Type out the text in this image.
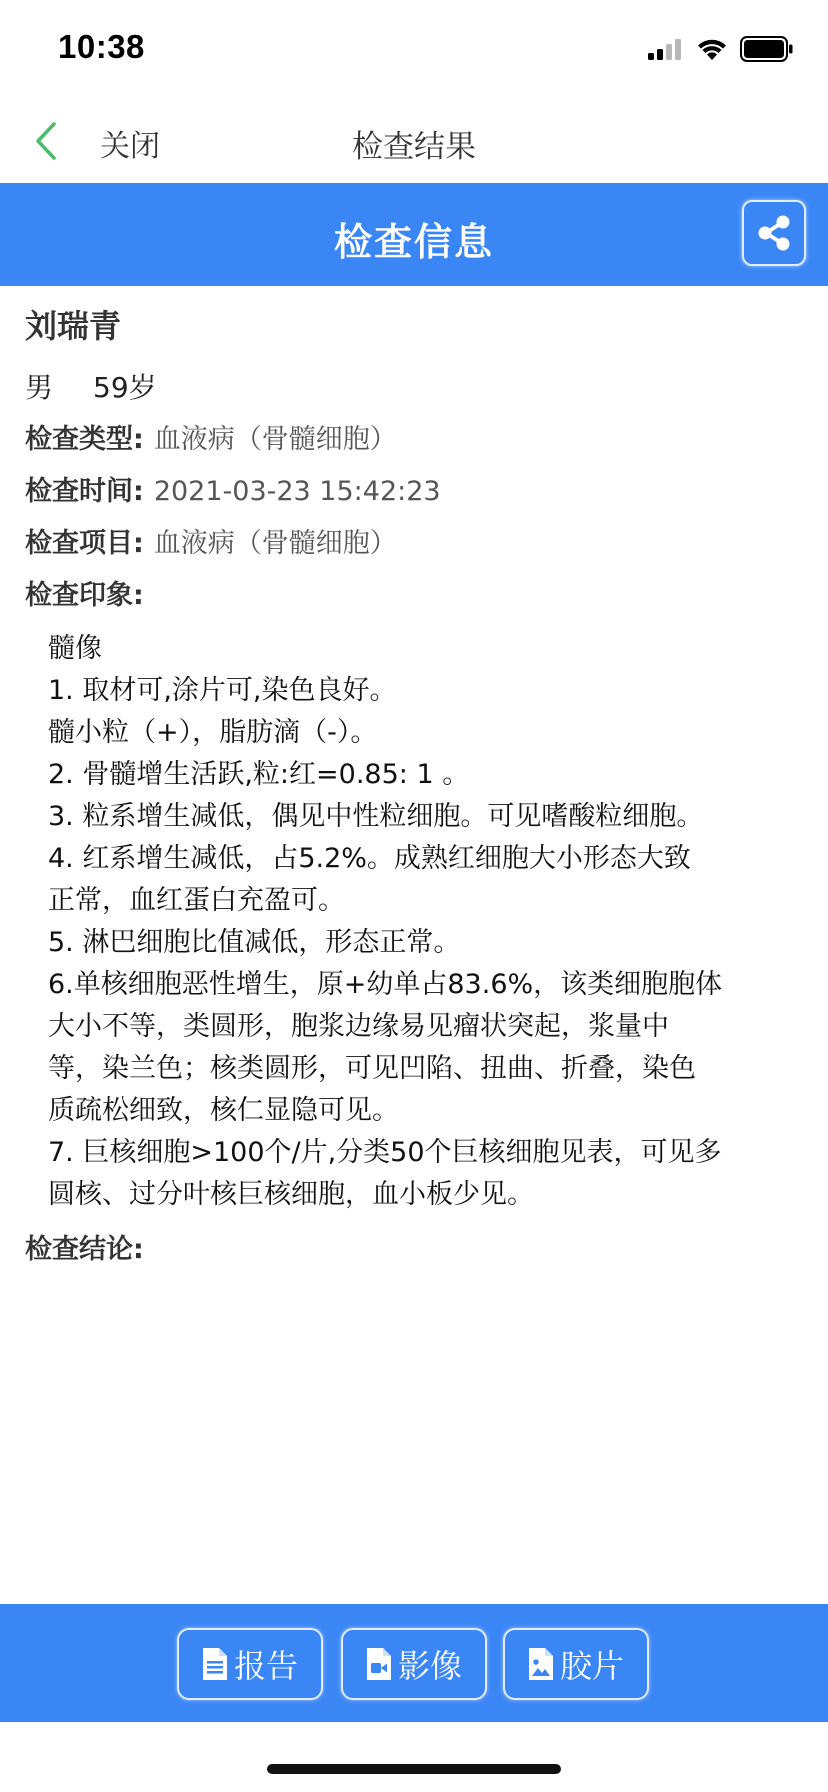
10:38
关闭	检查结果
检查信息
刘瑞青
男 59岁
检查类型: 血液病（骨髓细胞）
检查时间: 2021-03-23 15:42:23
检查项目: 血液病（骨髓细胞）
检查印象:
髓像
1. 取材可,涂片可,染色良好。
髓小粒（+），脂肪滴（-）。
2. 骨髓增生活跃,粒:红=0.85: 1 。
3. 粒系增生减低，偶见中性粒细胞。可见嗜酸粒细胞。
4. 红系增生减低，占5.2%。成熟红细胞大小形态大致
正常，血红蛋白充盈可。
5. 淋巴细胞比值减低，形态正常。
6.单核细胞恶性增生，原+幼单占83.6%，该类细胞胞体
大小不等，类圆形，胞浆边缘易见瘤状突起，浆量中
等，染兰色；核类圆形，可见凹陷、扭曲、折叠，染色
质疏松细致，核仁显隐可见。
7. 巨核细胞>100个/片,分类50个巨核细胞见表，可见多
圆核、过分叶核巨核细胞，血小板少见。
检查结论:
报告	影像	胶片
